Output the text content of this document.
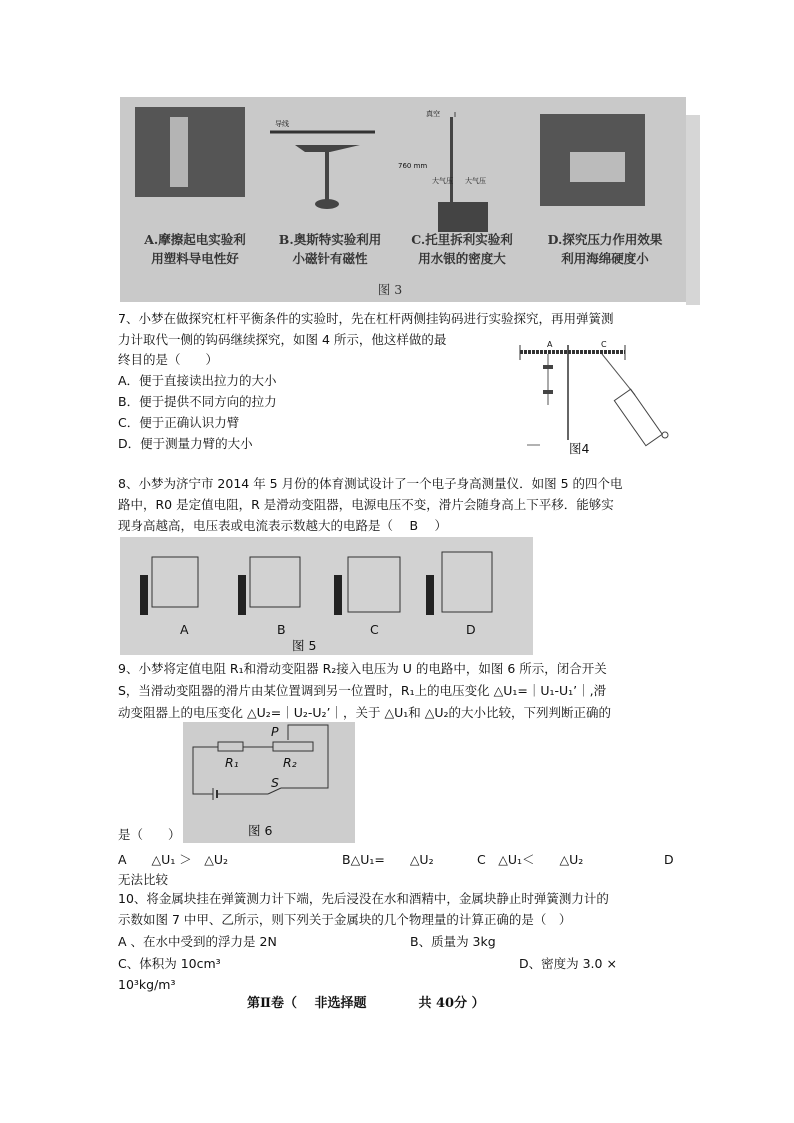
导线
真空
760 mm
大气压 大气压
A.摩擦起电实验利
用塑料导电性好
B.奥斯特实验利用
小磁针有磁性
C.托里拆利实验利
用水银的密度大
D.探究压力作用效果
利用海绵硬度小
图 3
7、小梦在做探究杠杆平衡条件的实验时，先在杠杆两侧挂钩码进行实验探究，再用弹簧测
力计取代一侧的钩码继续探究，如图 4 所示，他这样做的最
终目的是（　　）
A．便于直接读出拉力的大小
B．便于提供不同方向的拉力
C．便于正确认识力臂
D．便于测量力臂的大小
A	C
图4
8、小梦为济宁市 2014 年 5 月份的体育测试设计了一个电子身高测量仪．如图 5 的四个电
路中，R0 是定值电阻，R 是滑动变阻器，电源电压不变，滑片会随身高上下平移．能够实
现身高越高，电压表或电流表示数越大的电路是（　 B　 ）
A	B	C	D
图 5
9、小梦将定值电阻 R₁和滑动变阻器 R₂接入电压为 U 的电路中，如图 6 所示，闭合开关
S，当滑动变阻器的滑片由某位置调到另一位置时，R₁上的电压变化 △U₁=｜U₁-U₁’｜,滑
动变阻器上的电压变化 △U₂=｜U₂-U₂’｜，关于 △U₁和 △U₂的大小比较，下列判断正确的
P
R₁	R₂
S
图 6
是（　　）
A　　△U₁ ＞　△U₂	B△U₁=　　△U₂	C　△U₁＜　　△U₂	D
无法比较
10、将金属块挂在弹簧测力计下端，先后浸没在水和酒精中，金属块静止时弹簧测力计的
示数如图 7 中甲、乙所示，则下列关于金属块的几个物理量的计算正确的是（　）
A 、在水中受到的浮力是 2N	B、质量为 3kg
C、体积为 10cm³	D、密度为 3.0 ×
10³kg/m³
第Ⅱ卷（　 非选择题　　　　共 40分 ）
